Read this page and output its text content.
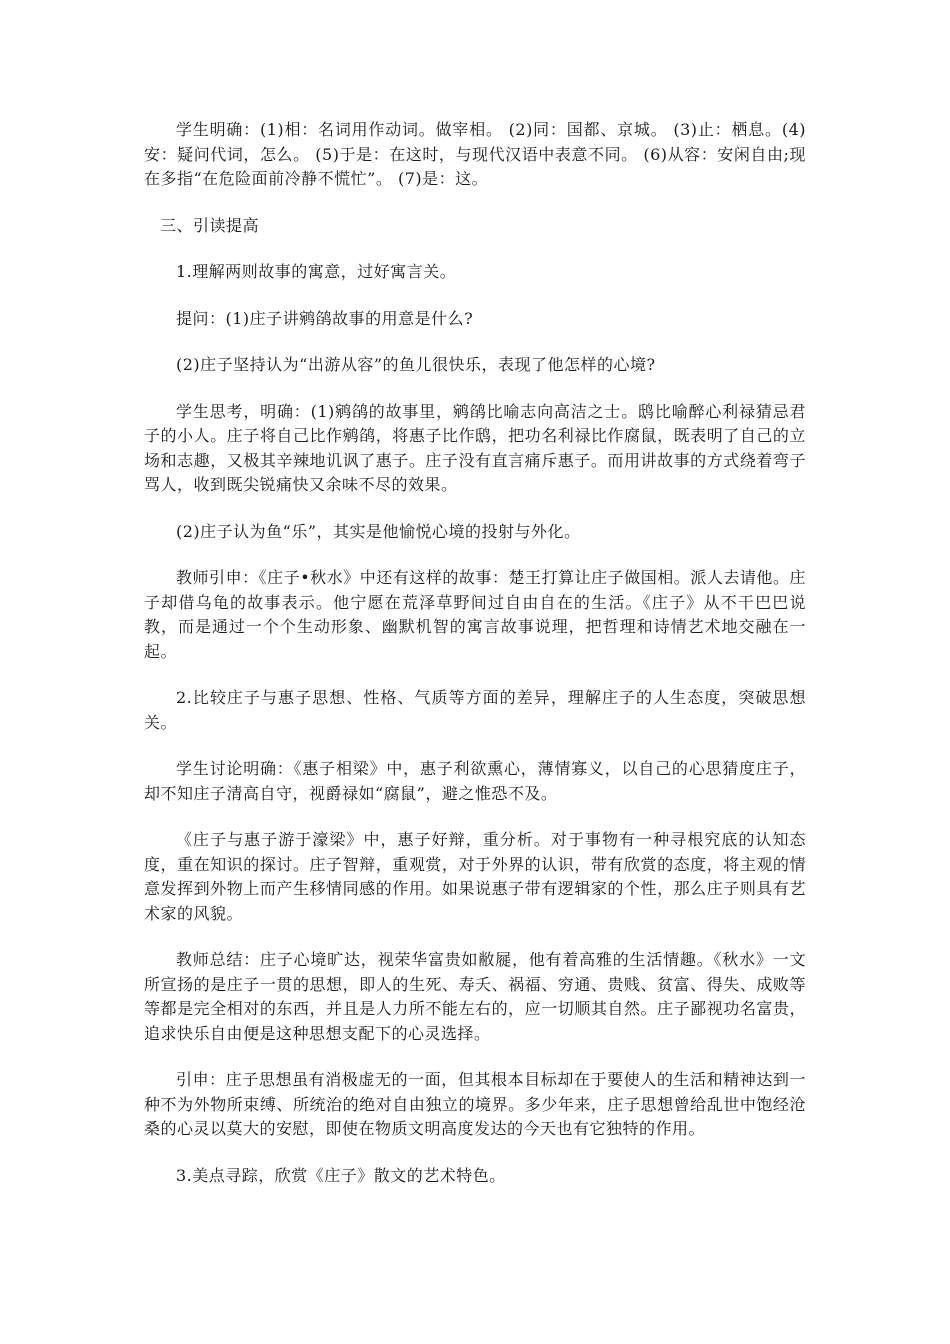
学生明确：(1)相：名词用作动词。做宰相。 (2)同：国都、京城。 (3)止：栖息。(4)安：疑问代词，怎么。 (5)于是：在这时，与现代汉语中表意不同。 (6)从容：安闲自由;现在多指“在危险面前冷静不慌忙”。 (7)是：这。

三、引读提高

1.理解两则故事的寓意，过好寓言关。

提问：(1)庄子讲鹓鹐故事的用意是什么?

(2)庄子坚持认为“出游从容”的鱼儿很快乐，表现了他怎样的心境?

学生思考，明确：(1)鹓鹐的故事里，鹓鹐比喻志向高洁之士。鸱比喻醉心利禄猜忌君子的小人。庄子将自己比作鹓鹐，将惠子比作鸱，把功名利禄比作腐鼠，既表明了自己的立场和志趣，又极其辛辣地讥讽了惠子。庄子没有直言痛斥惠子。而用讲故事的方式绕着弯子骂人，收到既尖锐痛快又余味不尽的效果。

(2)庄子认为鱼“乐”，其实是他愉悦心境的投射与外化。

教师引申：《庄子•秋水》中还有这样的故事：楚王打算让庄子做国相。派人去请他。庄子却借乌龟的故事表示。他宁愿在荒泽草野间过自由自在的生活。《庄子》从不干巴巴说教，而是通过一个个生动形象、幽默机智的寓言故事说理，把哲理和诗情艺术地交融在一起。

2.比较庄子与惠子思想、性格、气质等方面的差异，理解庄子的人生态度，突破思想关。

学生讨论明确：《惠子相梁》中，惠子利欲熏心，薄情寡义，以自己的心思猜度庄子，却不知庄子清高自守，视爵禄如“腐鼠”，避之惟恐不及。

《庄子与惠子游于濠梁》中，惠子好辩，重分析。对于事物有一种寻根究底的认知态度，重在知识的探讨。庄子智辩，重观赏，对于外界的认识，带有欣赏的态度，将主观的情意发挥到外物上而产生移情同感的作用。如果说惠子带有逻辑家的个性，那么庄子则具有艺术家的风貌。

教师总结：庄子心境旷达，视荣华富贵如敝屣，他有着高雅的生活情趣。《秋水》一文所宣扬的是庄子一贯的思想，即人的生死、寿夭、祸福、穷通、贵贱、贫富、得失、成败等等都是完全相对的东西，并且是人力所不能左右的，应一切顺其自然。庄子鄙视功名富贵，追求快乐自由便是这种思想支配下的心灵选择。

引申：庄子思想虽有消极虚无的一面，但其根本目标却在于要使人的生活和精神达到一种不为外物所束缚、所统治的绝对自由独立的境界。多少年来，庄子思想曾给乱世中饱经沧桑的心灵以莫大的安慰，即使在物质文明高度发达的今天也有它独特的作用。

3.美点寻踪，欣赏《庄子》散文的艺术特色。
